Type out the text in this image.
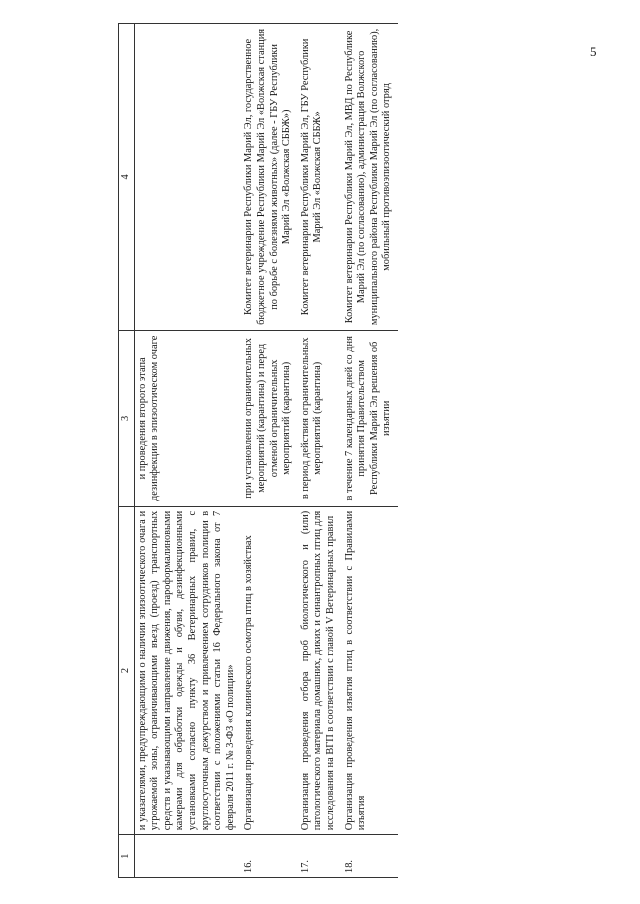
5
1	2	3	4
	и указателями, предупреждающими о наличии эпизоотического очага и угрожаемой зоны, ограничивающими въезд (проезд) транспортных средств и указывающими направление движения, пароформалиновыми камерами для обработки одежды и обуви, дезинфекционными установками согласно пункту 36 Ветеринарных правил, с круглосуточным дежурством и привлечением сотрудников полиции в соответствии с положениями статьи 16 Федерального закона от 7 февраля 2011 г. № 3-ФЗ «О полиции»	и проведения второго этапа дезинфекции в эпизоотическом очаге	
16.	Организация проведения клинического осмотра птиц в хозяйствах	при установлении ограничительных мероприятий (карантина) и перед отменой ограничительных мероприятий (карантина)	Комитет ветеринарии Республики Марий Эл, государственное бюджетное учреждение Республики Марий Эл «Волжская станция по борьбе с болезнями животных» (далее - ГБУ Республики Марий Эл «Волжская СББЖ»)
17.	Организация проведения отбора проб биологического и (или) патологического материала домашних, диких и синантропных птиц для исследования на ВГП в соответствии с главой V Ветеринарных правил	в период действия ограничительных мероприятий (карантина)	Комитет ветеринарии Республики Марий Эл, ГБУ Республики Марий Эл «Волжская СББЖ»
18.	Организация проведения изъятия птиц в соответствии с Правилами изъятия	в течение 7 календарных дней со дня принятия Правительством Республики Марий Эл решения об изъятии	Комитет ветеринарии Республики Марий Эл, МВД по Республике Марий Эл (по согласованию), администрация Волжского муниципального района Республики Марий Эл (по согласованию), мобильный противоэпизоотический отряд
